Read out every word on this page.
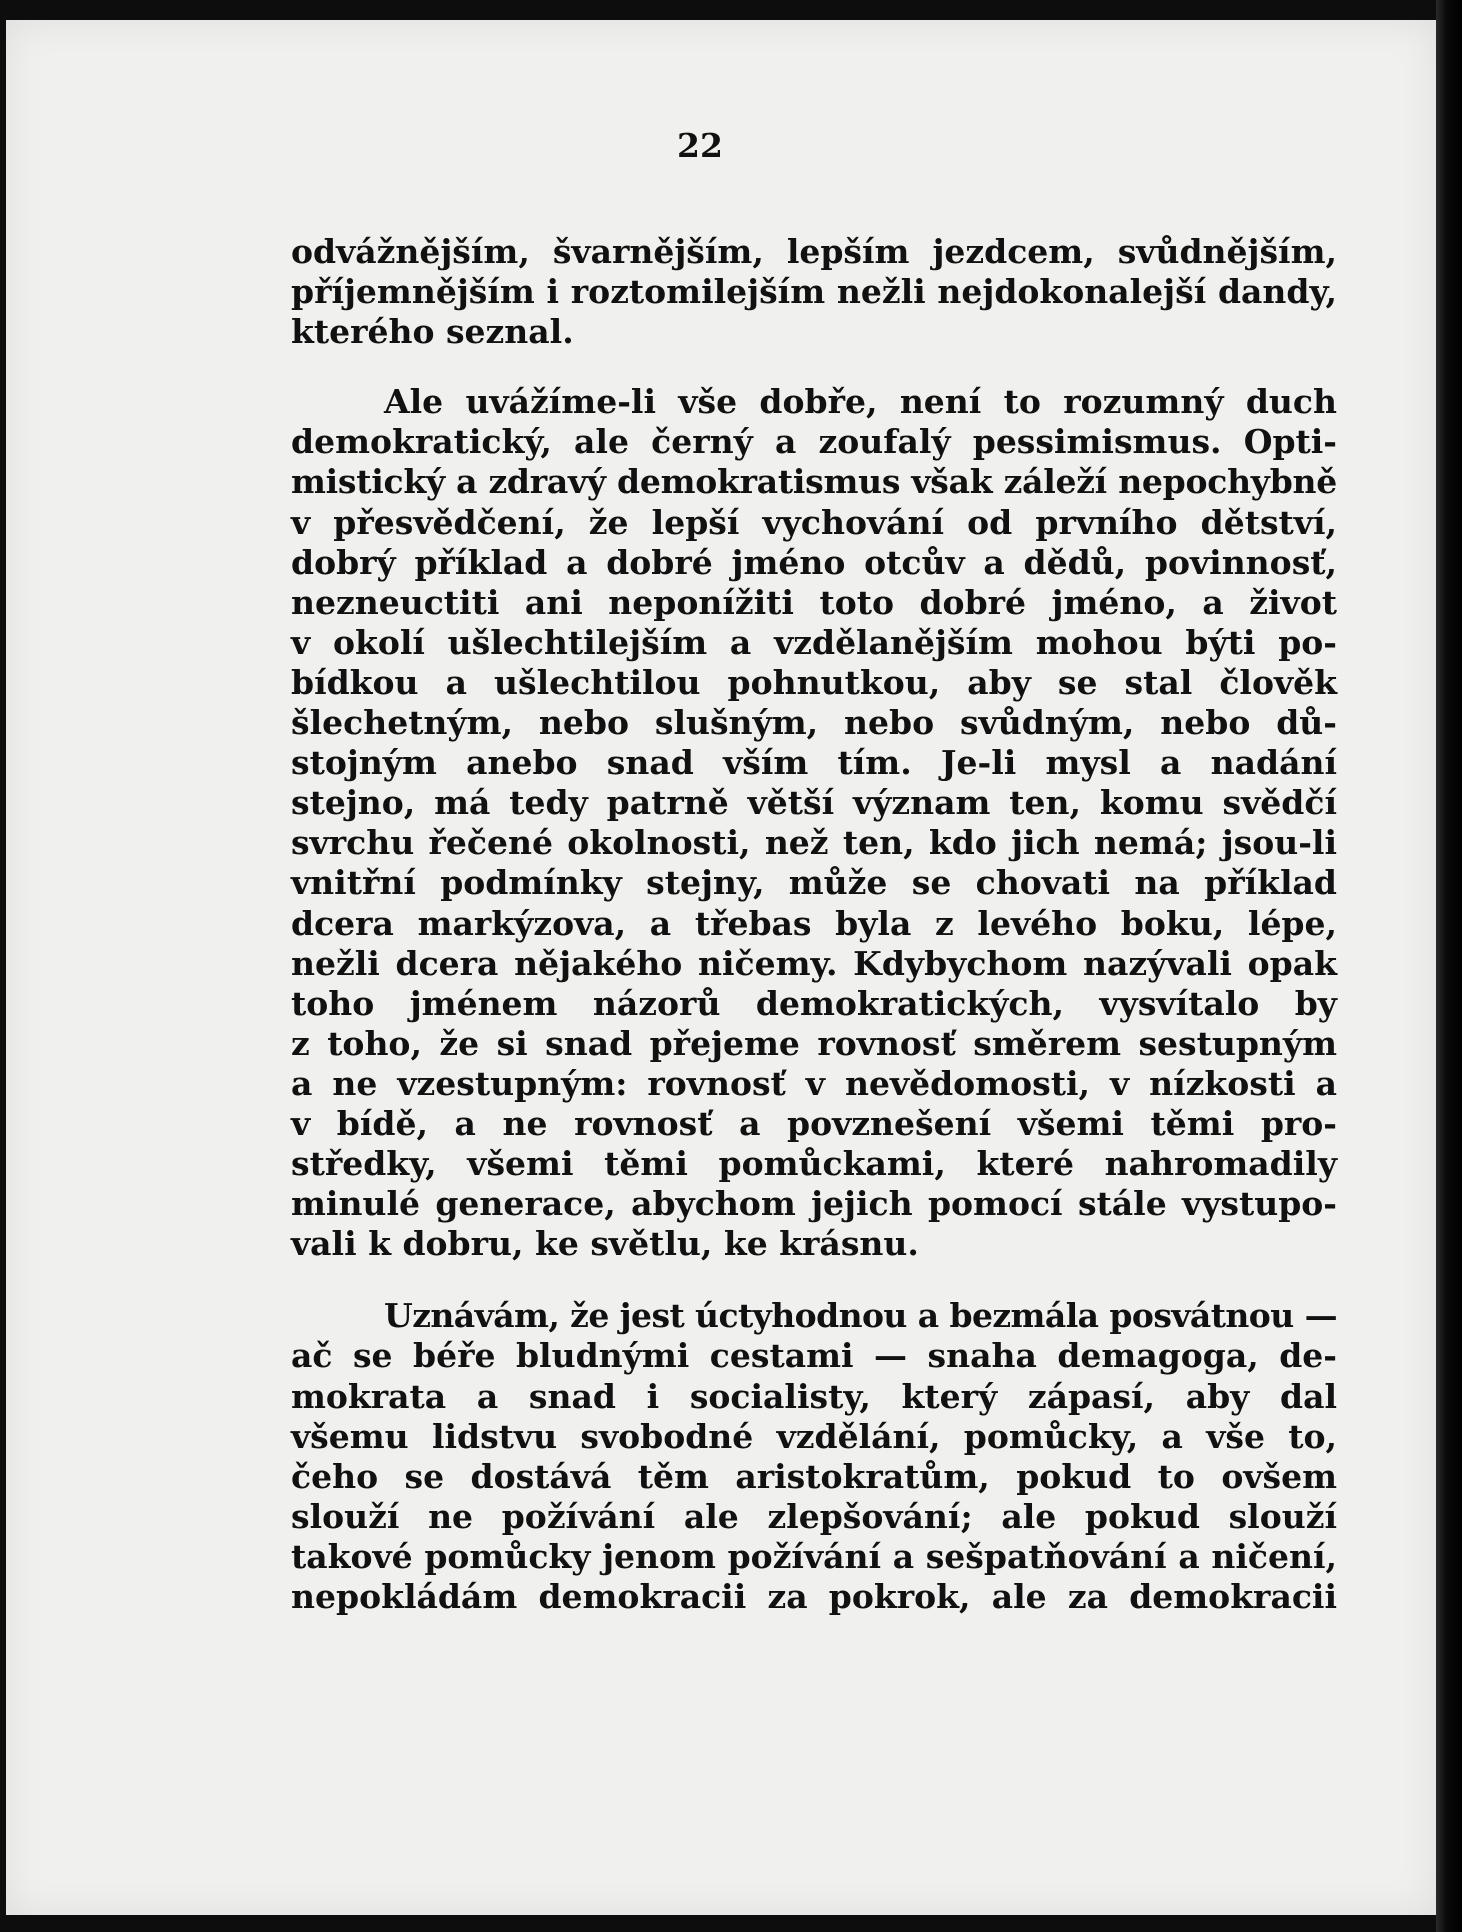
22
odvážnějším, švarnějším, lepším jezdcem, svůdnějším,
příjemnějším i roztomilejším nežli nejdokonalejší dandy,
kterého seznal.
Ale uvážíme-li vše dobře, není to rozumný duch
demokratický, ale černý a zoufalý pessimismus. Opti-
mistický a zdravý demokratismus však záleží nepochybně
v přesvědčení, že lepší vychování od prvního dětství,
dobrý příklad a dobré jméno otcův a dědů, povinnosť,
nezneuctiti ani neponížiti toto dobré jméno, a život
v okolí ušlechtilejším a vzdělanějším mohou býti po-
bídkou a ušlechtilou pohnutkou, aby se stal člověk
šlechetným, nebo slušným, nebo svůdným, nebo dů-
stojným anebo snad vším tím. Je-li mysl a nadání
stejno, má tedy patrně větší význam ten, komu svědčí
svrchu řečené okolnosti, než ten, kdo jich nemá; jsou-li
vnitřní podmínky stejny, může se chovati na příklad
dcera markýzova, a třebas byla z levého boku, lépe,
nežli dcera nějakého ničemy. Kdybychom nazývali opak
toho jménem názorů demokratických, vysvítalo by
z toho, že si snad přejeme rovnosť směrem sestupným
a ne vzestupným: rovnosť v nevědomosti, v nízkosti a
v bídě, a ne rovnosť a povznešení všemi těmi pro-
středky, všemi těmi pomůckami, které nahromadily
minulé generace, abychom jejich pomocí stále vystupo-
vali k dobru, ke světlu, ke krásnu.
Uznávám, že jest úctyhodnou a bezmála posvátnou —
ač se béře bludnými cestami — snaha demagoga, de-
mokrata a snad i socialisty, který zápasí, aby dal
všemu lidstvu svobodné vzdělání, pomůcky, a vše to,
čeho se dostává těm aristokratům, pokud to ovšem
slouží ne požívání ale zlepšování; ale pokud slouží
takové pomůcky jenom požívání a sešpatňování a ničení,
nepokládám demokracii za pokrok, ale za demokracii
